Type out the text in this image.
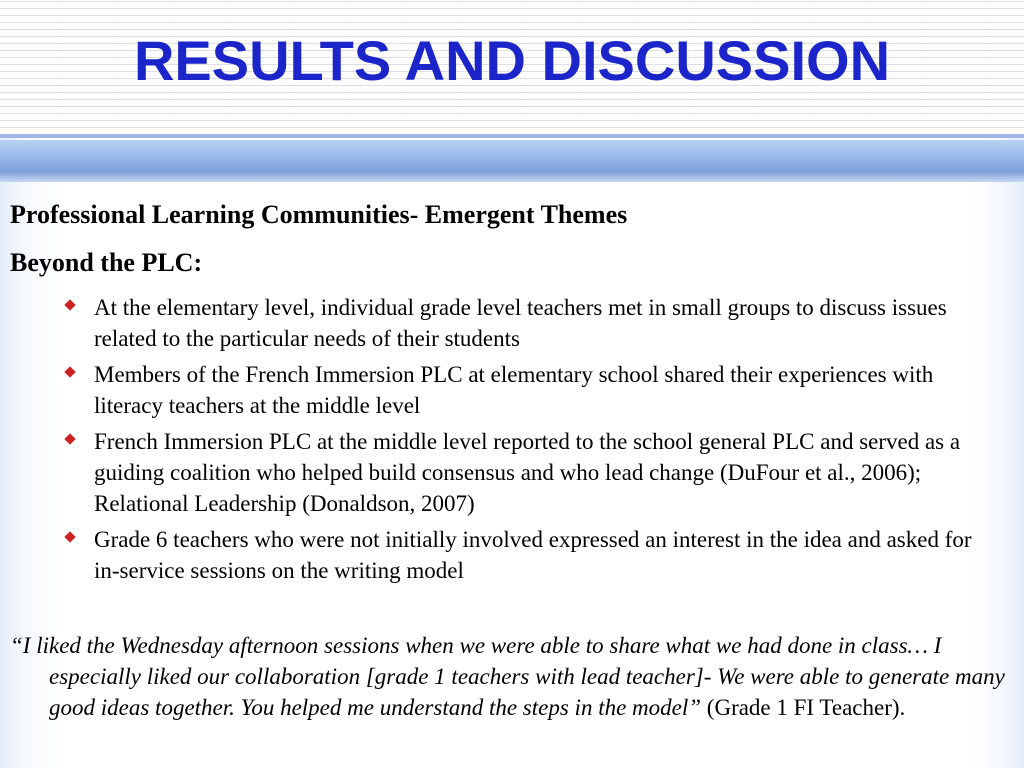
RESULTS AND DISCUSSION

Professional Learning Communities- Emergent Themes

Beyond the PLC:

At the elementary level, individual grade level teachers met in small groups to discuss issues related to the particular needs of their students
Members of the French Immersion PLC at elementary school shared their experiences with literacy teachers at the middle level
French Immersion PLC at the middle level reported to the school general PLC and served as a guiding coalition who helped build consensus and who lead change (DuFour et al., 2006); Relational Leadership (Donaldson, 2007)
Grade 6 teachers who were not initially involved expressed an interest in the idea and asked for in-service sessions on the writing model
“I liked the Wednesday afternoon sessions when we were able to share what we had done in class… I especially liked our collaboration [grade 1 teachers with lead teacher]- We were able to generate many good ideas together. You helped me understand the steps in the model” (Grade 1 FI Teacher).
